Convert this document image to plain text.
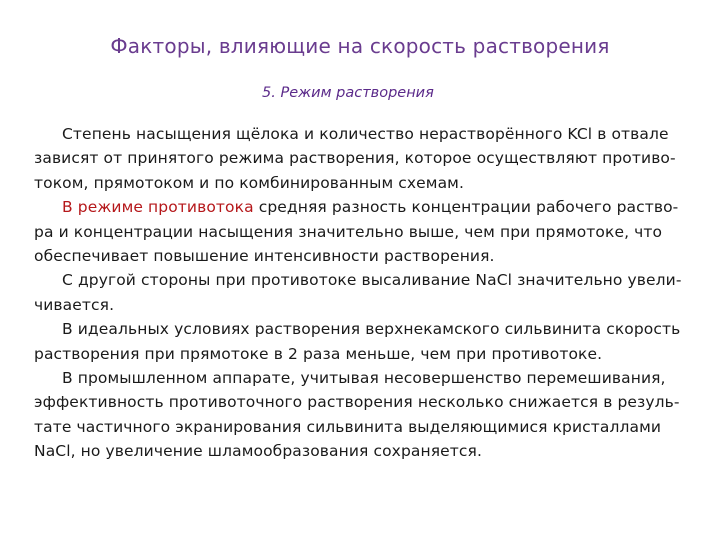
Факторы, влияющие на скорость растворения
5. Режим растворения
Степень насыщения щёлока и количество нерастворённого KCl в отвале
зависят от принятого режима растворения, которое осуществляют противо-
током, прямотоком и по комбинированным схемам.
В режиме противотока средняя разность концентрации рабочего раство-
ра и концентрации насыщения значительно выше, чем при прямотоке, что
обеспечивает повышение интенсивности растворения.
С другой стороны при противотоке высаливание NaCl значительно увели-
чивается.
В идеальных условиях растворения верхнекамского сильвинита скорость
растворения при прямотоке в 2 раза меньше, чем при противотоке.
В промышленном аппарате, учитывая несовершенство перемешивания,
эффективность противоточного растворения несколько снижается в резуль-
тате частичного экранирования сильвинита выделяющимися кристаллами
NaCl, но увеличение шламообразования сохраняется.
